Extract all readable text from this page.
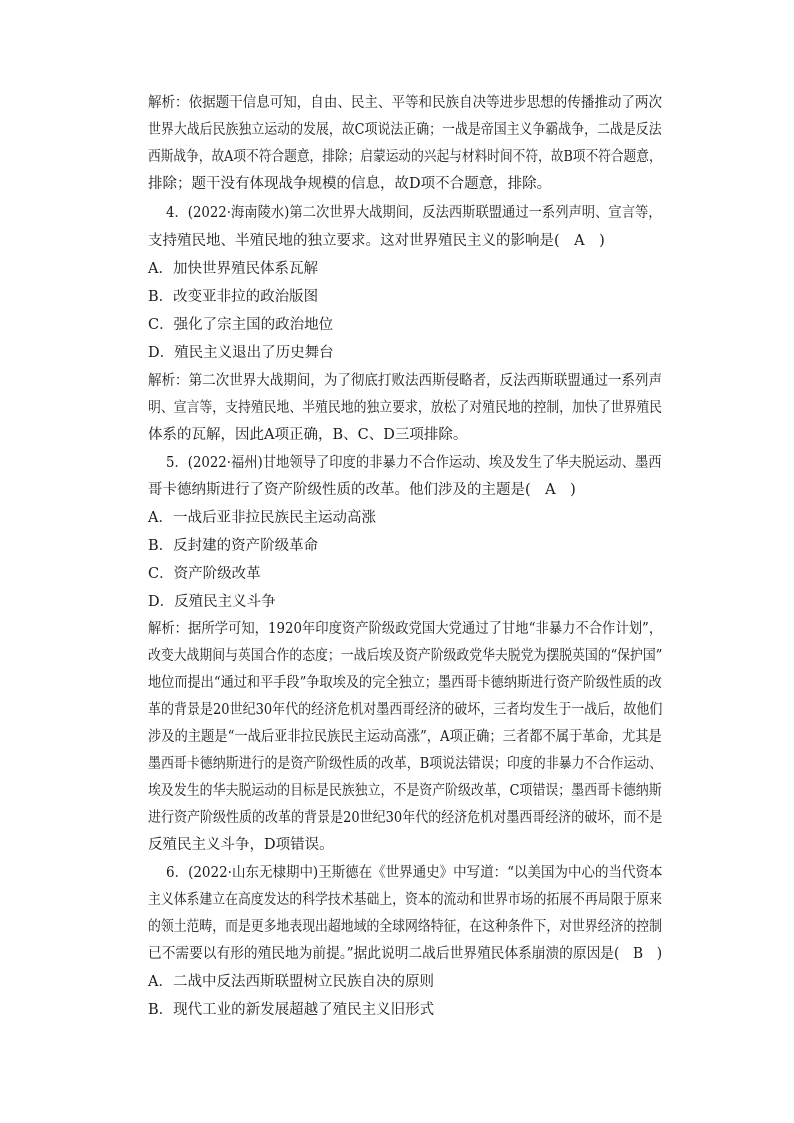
解析：依据题干信息可知，自由、民主、平等和民族自决等进步思想的传播推动了两次
世界大战后民族独立运动的发展，故C项说法正确；一战是帝国主义争霸战争，二战是反法
西斯战争，故A项不符合题意，排除；启蒙运动的兴起与材料时间不符，故B项不符合题意，
排除；题干没有体现战争规模的信息，故D项不合题意，排除。
4．(2022·海南陵水)第二次世界大战期间，反法西斯联盟通过一系列声明、宣言等，
支持殖民地、半殖民地的独立要求。这对世界殖民主义的影响是(　A　)
A．加快世界殖民体系瓦解
B．改变亚非拉的政治版图
C．强化了宗主国的政治地位
D．殖民主义退出了历史舞台
解析：第二次世界大战期间，为了彻底打败法西斯侵略者，反法西斯联盟通过一系列声
明、宣言等，支持殖民地、半殖民地的独立要求，放松了对殖民地的控制，加快了世界殖民
体系的瓦解，因此A项正确，B、C、D三项排除。
5．(2022·福州)甘地领导了印度的非暴力不合作运动、埃及发生了华夫脱运动、墨西
哥卡德纳斯进行了资产阶级性质的改革。他们涉及的主题是(　A　)
A．一战后亚非拉民族民主运动高涨
B．反封建的资产阶级革命
C．资产阶级改革
D．反殖民主义斗争
解析：据所学可知，1920年印度资产阶级政党国大党通过了甘地“非暴力不合作计划”，
改变大战期间与英国合作的态度；一战后埃及资产阶级政党华夫脱党为摆脱英国的“保护国”
地位而提出“通过和平手段”争取埃及的完全独立；墨西哥卡德纳斯进行资产阶级性质的改
革的背景是20世纪30年代的经济危机对墨西哥经济的破坏，三者均发生于一战后，故他们
涉及的主题是“一战后亚非拉民族民主运动高涨”，A项正确；三者都不属于革命，尤其是
墨西哥卡德纳斯进行的是资产阶级性质的改革，B项说法错误；印度的非暴力不合作运动、
埃及发生的华夫脱运动的目标是民族独立，不是资产阶级改革，C项错误；墨西哥卡德纳斯
进行资产阶级性质的改革的背景是20世纪30年代的经济危机对墨西哥经济的破坏，而不是
反殖民主义斗争，D项错误。
6．(2022·山东无棣期中)王斯德在《世界通史》中写道：“以美国为中心的当代资本
主义体系建立在高度发达的科学技术基础上，资本的流动和世界市场的拓展不再局限于原来
的领土范畴，而是更多地表现出超地域的全球网络特征，在这种条件下，对世界经济的控制
已不需要以有形的殖民地为前提。”据此说明二战后世界殖民体系崩溃的原因是(　B　)
A．二战中反法西斯联盟树立民族自决的原则
B．现代工业的新发展超越了殖民主义旧形式
